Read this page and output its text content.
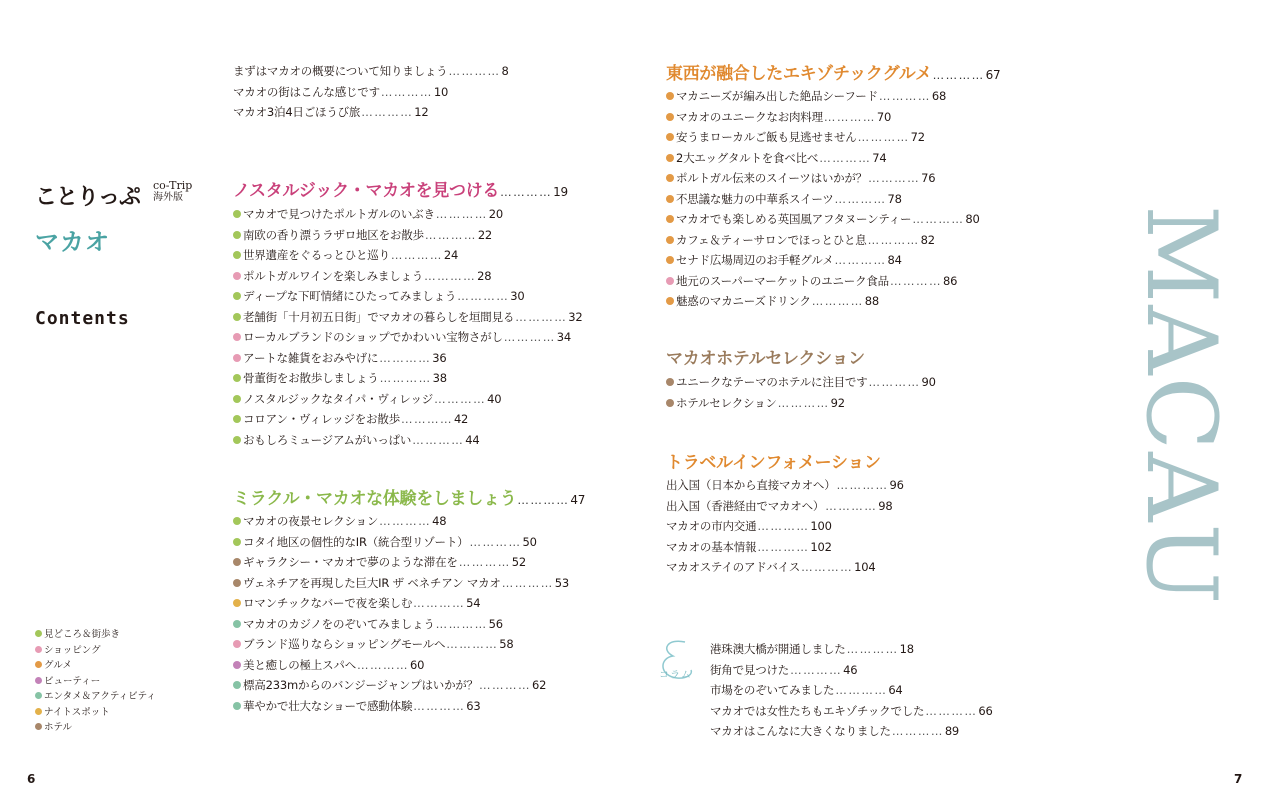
ことりっぷ co-Trip
海外版
マカオ
Contents
見どころ＆街歩き
ショッピング
グルメ
ビューティー
エンタメ＆アクティビティ
ナイトスポット
ホテル
まずはマカオの概要について知りましょう…………8
マカオの街はこんな感じです…………10
マカオ3泊4日ごほうび旅…………12
ノスタルジック・マカオを見つける…………19
マカオで見つけたポルトガルのいぶき…………20
南欧の香り漂うラザロ地区をお散歩…………22
世界遺産をぐるっとひと巡り…………24
ポルトガルワインを楽しみましょう…………28
ディープな下町情緒にひたってみましょう…………30
老舗街「十月初五日街」でマカオの暮らしを垣間見る…………32
ローカルブランドのショップでかわいい宝物さがし…………34
アートな雑貨をおみやげに…………36
骨董街をお散歩しましょう…………38
ノスタルジックなタイパ・ヴィレッジ…………40
コロアン・ヴィレッジをお散歩…………42
おもしろミュージアムがいっぱい…………44
ミラクル・マカオな体験をしましょう…………47
マカオの夜景セレクション…………48
コタイ地区の個性的なIR（統合型リゾート）…………50
ギャラクシー・マカオで夢のような滞在を…………52
ヴェネチアを再現した巨大IR ザ ベネチアン マカオ…………53
ロマンチックなバーで夜を楽しむ…………54
マカオのカジノをのぞいてみましょう…………56
ブランド巡りならショッピングモールへ…………58
美と癒しの極上スパへ…………60
標高233mからのバンジージャンプはいかが？…………62
華やかで壮大なショーで感動体験…………63
東西が融合したエキゾチックグルメ…………67
マカニーズが編み出した絶品シーフード…………68
マカオのユニークなお肉料理…………70
安うまローカルご飯も見逃せません…………72
2大エッグタルトを食べ比べ…………74
ポルトガル伝来のスイーツはいかが？…………76
不思議な魅力の中華系スイーツ…………78
マカオでも楽しめる英国風アフタヌーンティー…………80
カフェ＆ティーサロンでほっとひと息…………82
セナド広場周辺のお手軽グルメ…………84
地元のスーパーマーケットのユニーク食品…………86
魅惑のマカニーズドリンク…………88
マカオホテルセレクション
ユニークなテーマのホテルに注目です…………90
ホテルセレクション…………92
トラベルインフォメーション
出入国（日本から直接マカオへ）…………96
出入国（香港経由でマカオへ）…………98
マカオの市内交通…………100
マカオの基本情報…………102
マカオステイのアドバイス…………104
コラム
港珠澳大橋が開通しました…………18
街角で見つけた…………46
市場をのぞいてみました…………64
マカオでは女性たちもエキゾチックでした…………66
マカオはこんなに大きくなりました…………89
MACAU
6	7
